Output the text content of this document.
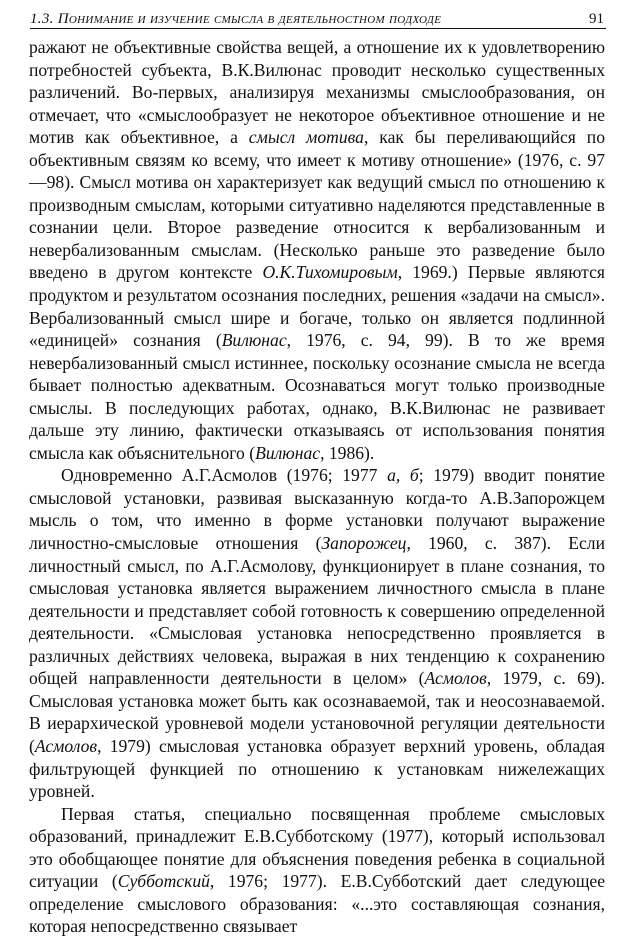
1.3. Понимание и изучение смысла в деятельностном подходе	91

ражают не объективные свойства вещей, а отношение их к удовлетворению потребностей субъекта, В.К.Вилюнас проводит несколько существенных различений. Во-первых, анализируя механизмы смыслообразования, он отмечает, что «смыслообразует не некоторое объективное отношение и не мотив как объективное, а смысл мотива, как бы переливающийся по объективным связям ко всему, что имеет к мотиву отношение» (1976, с. 97—98). Смысл мотива он характеризует как ведущий смысл по отношению к производным смыслам, которыми ситуативно наделяются представленные в сознании цели. Второе разведение относится к вербализованным и невербализованным смыслам. (Несколько раньше это разведение было введено в другом контексте О.К.Тихомировым, 1969.) Первые являются продуктом и результатом осознания последних, решения «задачи на смысл». Вербализованный смысл шире и богаче, только он является подлинной «единицей» сознания (Вилюнас, 1976, с. 94, 99). В то же время невербализованный смысл истиннее, поскольку осознание смысла не всегда бывает полностью адекватным. Осознаваться могут только производные смыслы. В последующих работах, однако, В.К.Вилюнас не развивает дальше эту линию, фактически отказываясь от использования понятия смысла как объяснительного (Вилюнас, 1986).

Одновременно А.Г.Асмолов (1976; 1977 а, б; 1979) вводит понятие смысловой установки, развивая высказанную когда-то А.В.Запорожцем мысль о том, что именно в форме установки получают выражение личностно-смысловые отношения (Запорожец, 1960, с. 387). Если личностный смысл, по А.Г.Асмолову, функционирует в плане сознания, то смысловая установка является выражением личностного смысла в плане деятельности и представляет собой готовность к совершению определенной деятельности. «Смысловая установка непосредственно проявляется в различных действиях человека, выражая в них тенденцию к сохранению общей направленности деятельности в целом» (Асмолов, 1979, с. 69). Смысловая установка может быть как осознаваемой, так и неосознаваемой. В иерархической уровневой модели установочной регуляции деятельности (Асмолов, 1979) смысловая установка образует верхний уровень, обладая фильтрующей функцией по отношению к установкам нижележащих уровней.

Первая статья, специально посвященная проблеме смысловых образований, принадлежит Е.В.Субботскому (1977), который использовал это обобщающее понятие для объяснения поведения ребенка в социальной ситуации (Субботский, 1976; 1977). Е.В.Субботский дает следующее определение смыслового образования: «...это составляющая сознания, которая непосредственно связывает
